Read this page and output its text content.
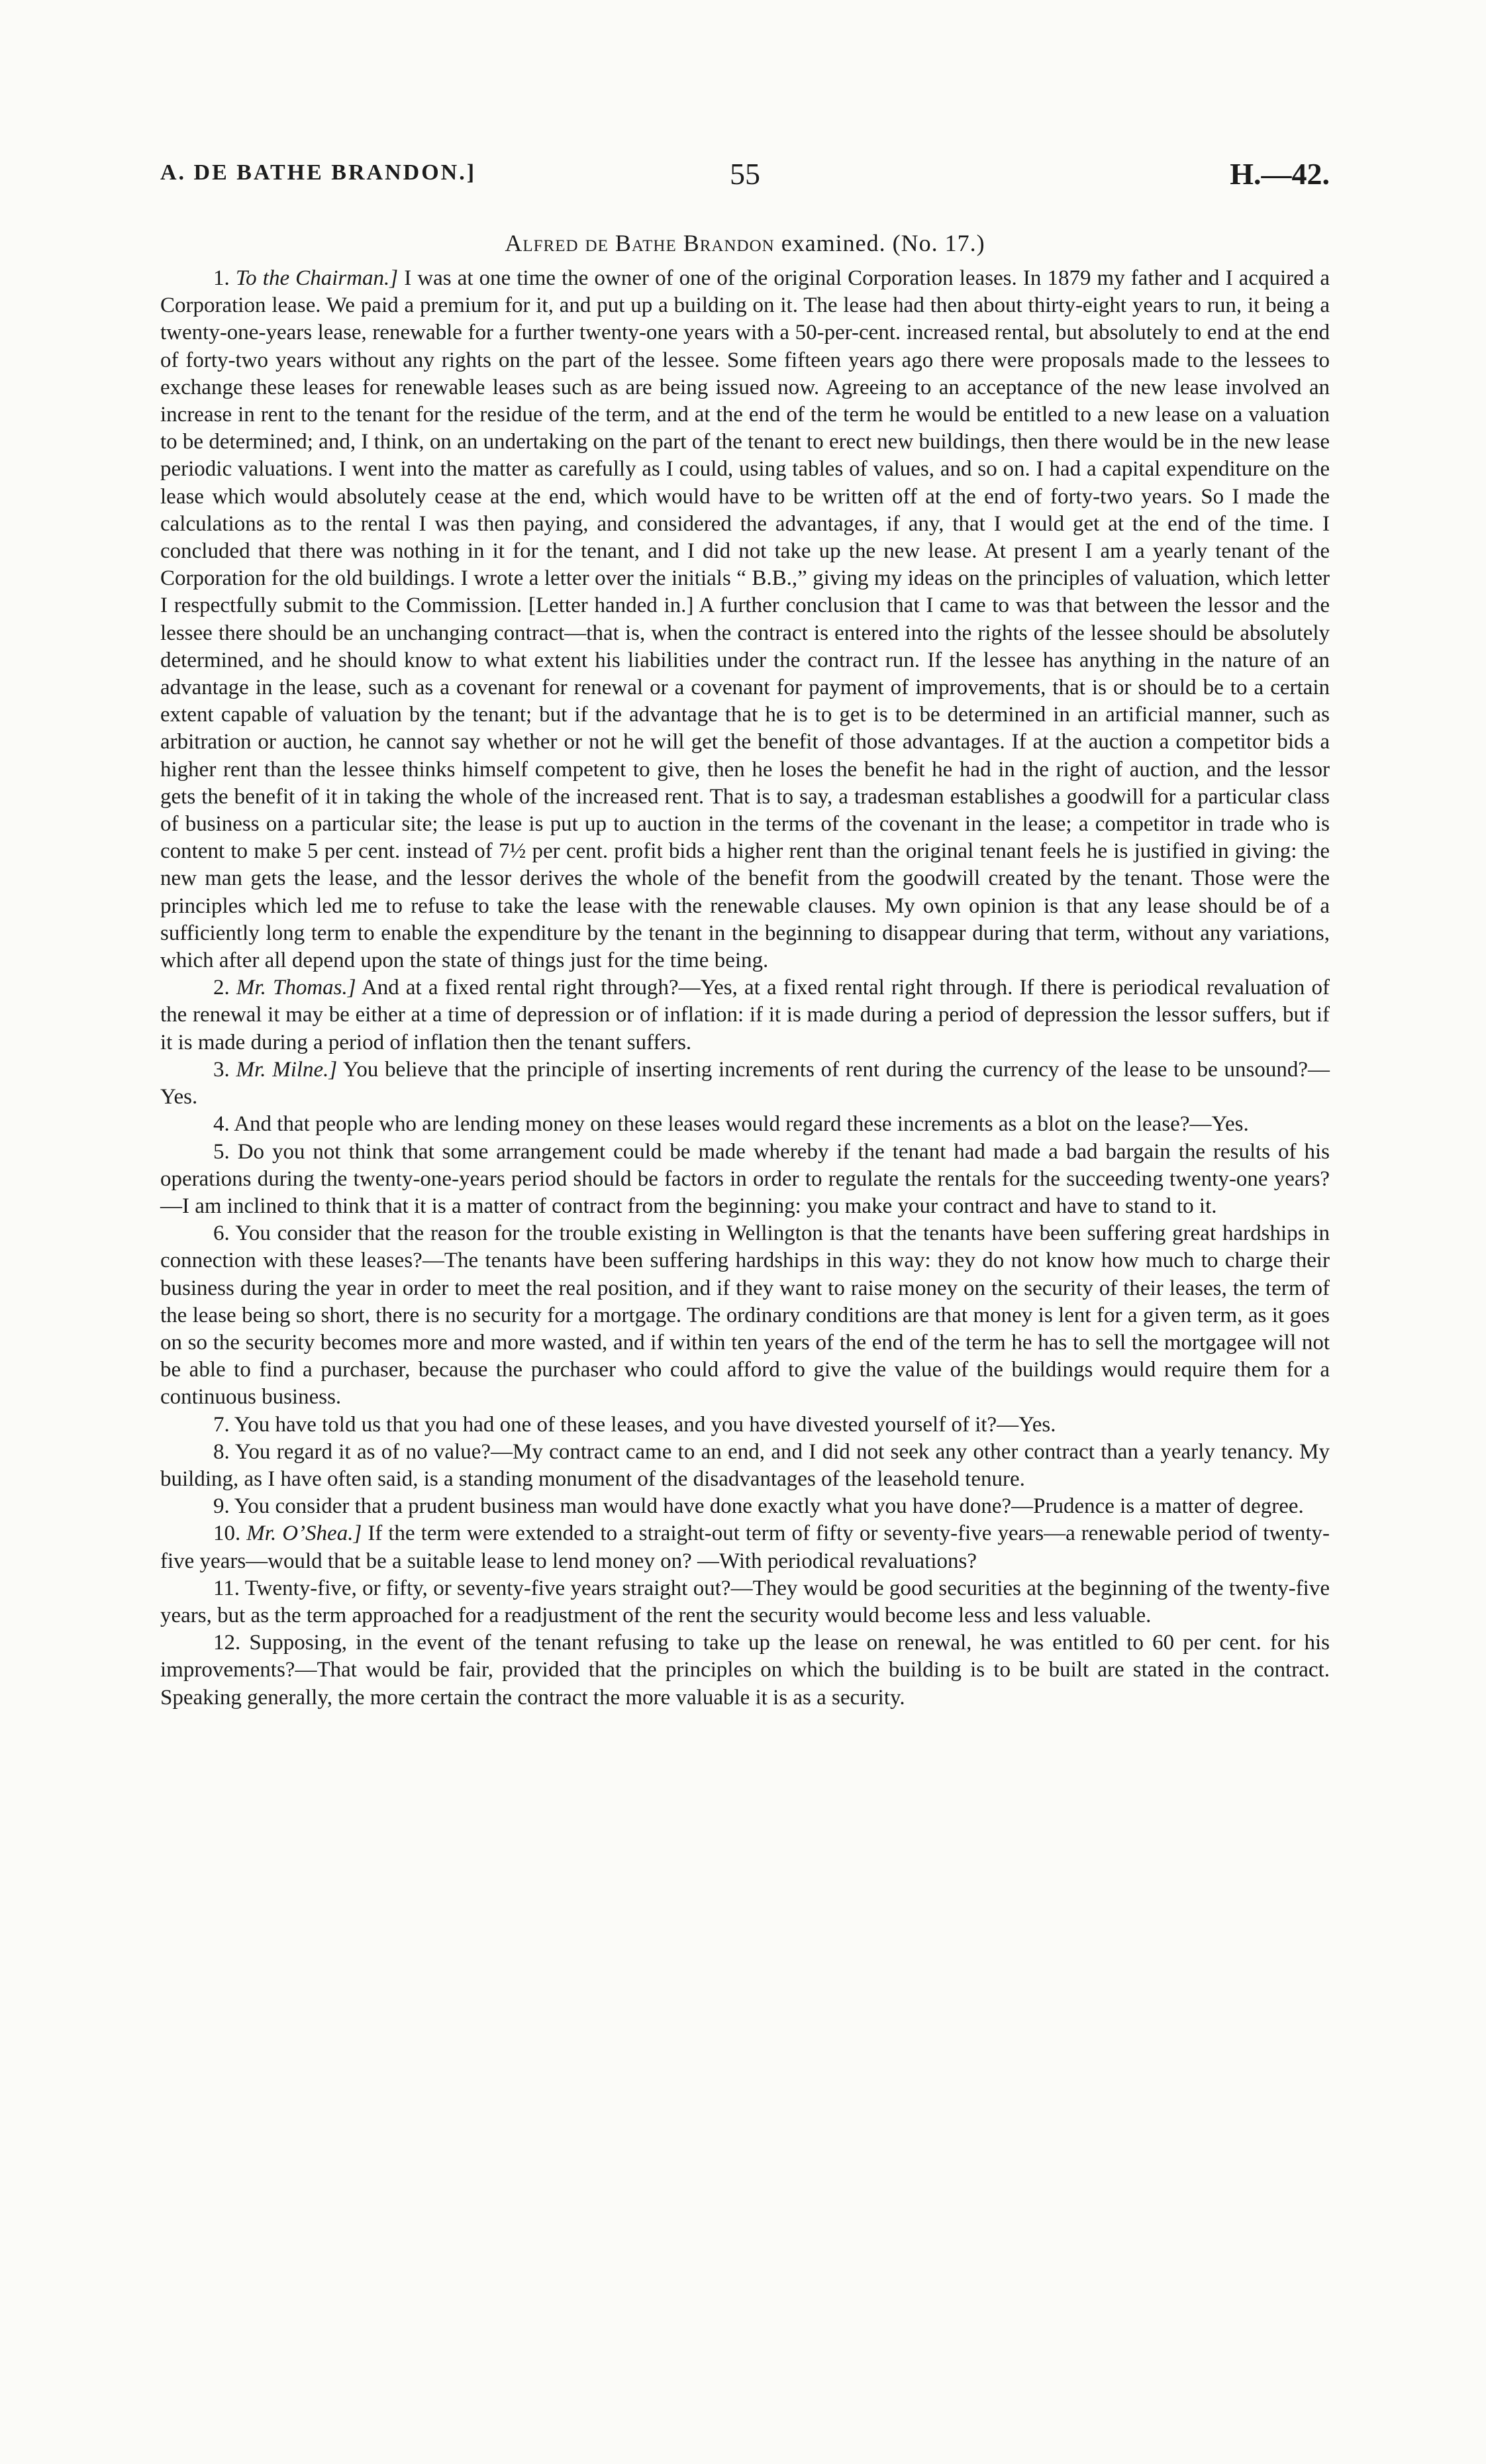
A. DE BATHE BRANDON.]	55	H.—42.
Alfred de Bathe Brandon examined. (No. 17.)

1. To the Chairman.] I was at one time the owner of one of the original Corporation leases. In 1879 my father and I acquired a Corporation lease. We paid a premium for it, and put up a building on it. The lease had then about thirty-eight years to run, it being a twenty-one-years lease, renewable for a further twenty-one years with a 50-per-cent. increased rental, but absolutely to end at the end of forty-two years without any rights on the part of the lessee. Some fifteen years ago there were proposals made to the lessees to exchange these leases for renewable leases such as are being issued now. Agreeing to an acceptance of the new lease involved an increase in rent to the tenant for the residue of the term, and at the end of the term he would be entitled to a new lease on a valuation to be determined; and, I think, on an undertaking on the part of the tenant to erect new buildings, then there would be in the new lease periodic valuations. I went into the matter as carefully as I could, using tables of values, and so on. I had a capital expenditure on the lease which would absolutely cease at the end, which would have to be written off at the end of forty-two years. So I made the calculations as to the rental I was then paying, and considered the advantages, if any, that I would get at the end of the time. I concluded that there was nothing in it for the tenant, and I did not take up the new lease. At present I am a yearly tenant of the Corporation for the old buildings. I wrote a letter over the initials “ B.B.,” giving my ideas on the principles of valuation, which letter I respectfully submit to the Commission. [Letter handed in.] A further conclusion that I came to was that between the lessor and the lessee there should be an unchanging contract—that is, when the contract is entered into the rights of the lessee should be absolutely determined, and he should know to what extent his liabilities under the contract run. If the lessee has anything in the nature of an advantage in the lease, such as a covenant for renewal or a covenant for payment of improvements, that is or should be to a certain extent capable of valuation by the tenant; but if the advantage that he is to get is to be determined in an artificial manner, such as arbitration or auction, he cannot say whether or not he will get the benefit of those advantages. If at the auction a competitor bids a higher rent than the lessee thinks himself competent to give, then he loses the benefit he had in the right of auction, and the lessor gets the benefit of it in taking the whole of the increased rent. That is to say, a tradesman establishes a goodwill for a particular class of business on a particular site; the lease is put up to auction in the terms of the covenant in the lease; a competitor in trade who is content to make 5 per cent. instead of 7½ per cent. profit bids a higher rent than the original tenant feels he is justified in giving: the new man gets the lease, and the lessor derives the whole of the benefit from the goodwill created by the tenant. Those were the principles which led me to refuse to take the lease with the renewable clauses. My own opinion is that any lease should be of a sufficiently long term to enable the expenditure by the tenant in the beginning to disappear during that term, without any variations, which after all depend upon the state of things just for the time being.

2. Mr. Thomas.] And at a fixed rental right through?—Yes, at a fixed rental right through. If there is periodical revaluation of the renewal it may be either at a time of depression or of inflation: if it is made during a period of depression the lessor suffers, but if it is made during a period of inflation then the tenant suffers.

3. Mr. Milne.] You believe that the principle of inserting increments of rent during the currency of the lease to be unsound?—Yes.

4. And that people who are lending money on these leases would regard these increments as a blot on the lease?—Yes.

5. Do you not think that some arrangement could be made whereby if the tenant had made a bad bargain the results of his operations during the twenty-one-years period should be factors in order to regulate the rentals for the succeeding twenty-one years?—I am inclined to think that it is a matter of contract from the beginning: you make your contract and have to stand to it.

6. You consider that the reason for the trouble existing in Wellington is that the tenants have been suffering great hardships in connection with these leases?—The tenants have been suffering hardships in this way: they do not know how much to charge their business during the year in order to meet the real position, and if they want to raise money on the security of their leases, the term of the lease being so short, there is no security for a mortgage. The ordinary conditions are that money is lent for a given term, as it goes on so the security becomes more and more wasted, and if within ten years of the end of the term he has to sell the mortgagee will not be able to find a purchaser, because the purchaser who could afford to give the value of the buildings would require them for a continuous business.

7. You have told us that you had one of these leases, and you have divested yourself of it?—Yes.

8. You regard it as of no value?—My contract came to an end, and I did not seek any other contract than a yearly tenancy. My building, as I have often said, is a standing monument of the disadvantages of the leasehold tenure.

9. You consider that a prudent business man would have done exactly what you have done?—Prudence is a matter of degree.

10. Mr. O’Shea.] If the term were extended to a straight-out term of fifty or seventy-five years—a renewable period of twenty-five years—would that be a suitable lease to lend money on? —With periodical revaluations?

11. Twenty-five, or fifty, or seventy-five years straight out?—They would be good securities at the beginning of the twenty-five years, but as the term approached for a readjustment of the rent the security would become less and less valuable.

12. Supposing, in the event of the tenant refusing to take up the lease on renewal, he was entitled to 60 per cent. for his improvements?—That would be fair, provided that the principles on which the building is to be built are stated in the contract. Speaking generally, the more certain the contract the more valuable it is as a security.
